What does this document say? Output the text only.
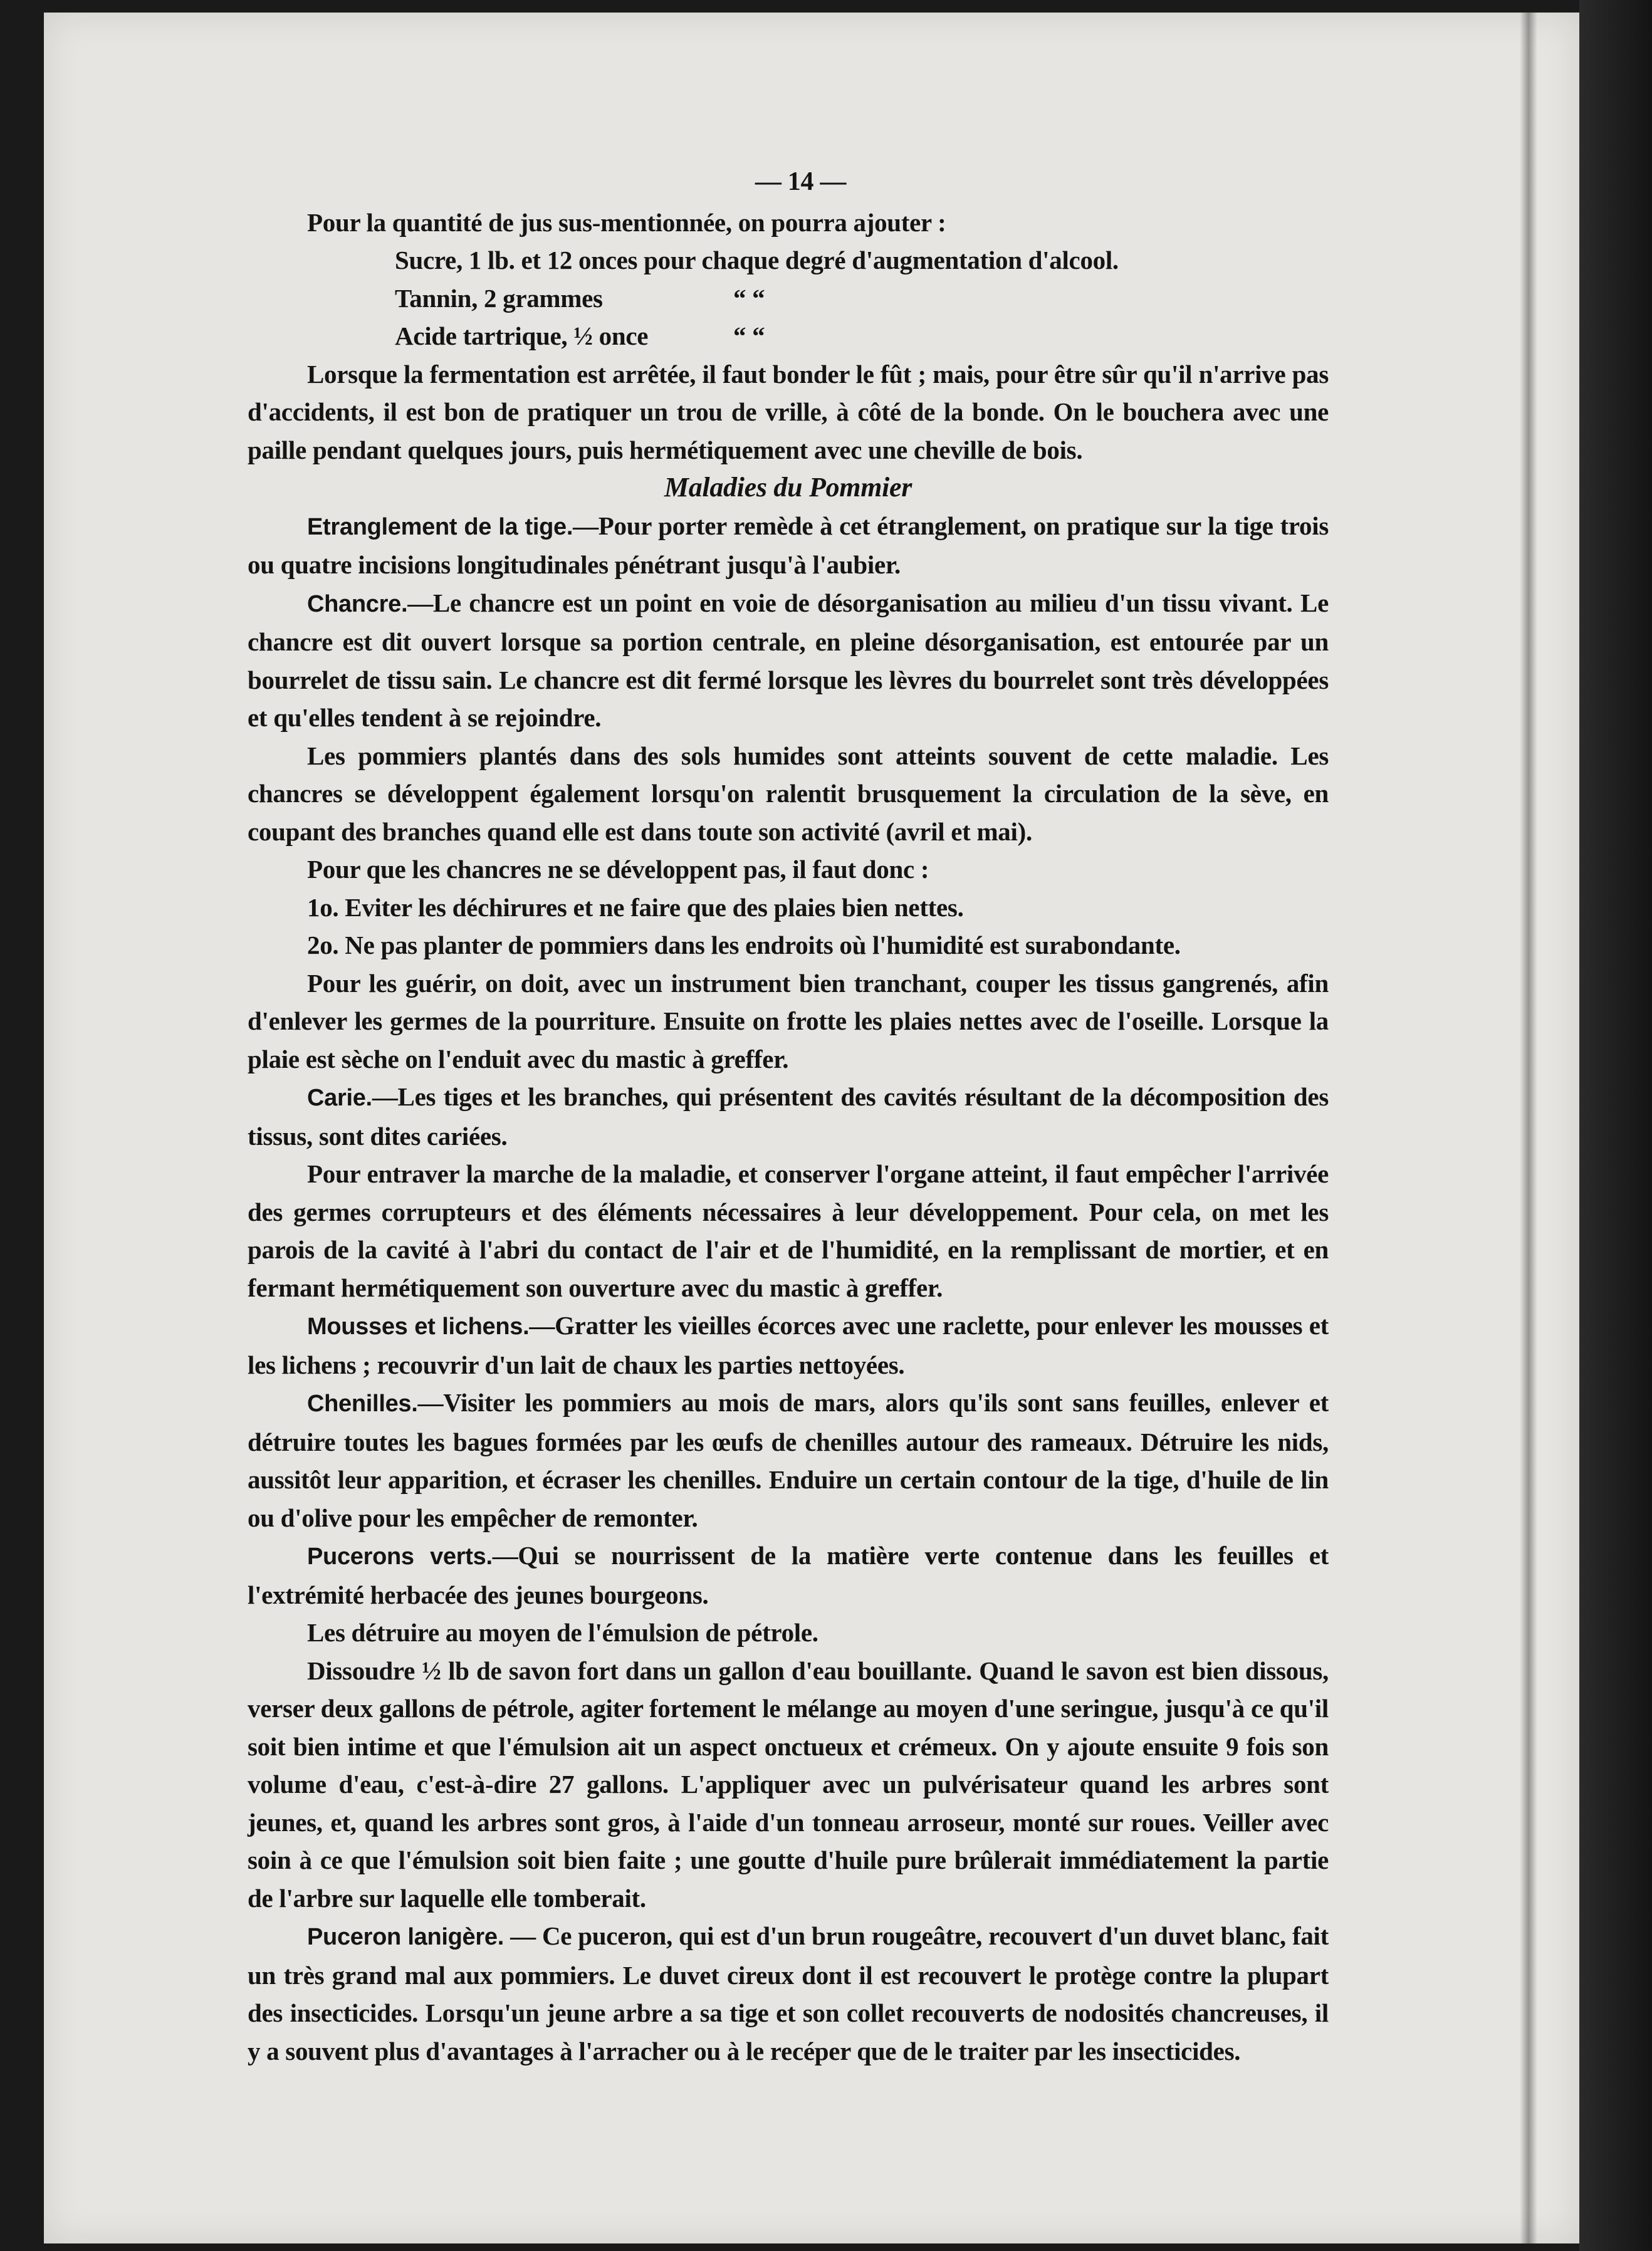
— 14 —

Pour la quantité de jus sus-mentionnée, on pourra ajouter :

Sucre, 1 lb. et 12 onces pour chaque degré d'augmentation d'alcool.

Tannin, 2 grammes	“ “

Acide tartrique, ½ once	“ “

Lorsque la fermentation est arrêtée, il faut bonder le fût ; mais, pour être sûr qu'il n'arrive pas d'accidents, il est bon de pratiquer un trou de vrille, à côté de la bonde. On le bouchera avec une paille pendant quelques jours, puis hermétiquement avec une cheville de bois.

Maladies du Pommier

Etranglement de la tige.—Pour porter remède à cet étranglement, on pratique sur la tige trois ou quatre incisions longitudinales pénétrant jusqu'à l'aubier.

Chancre.—Le chancre est un point en voie de désorganisation au milieu d'un tissu vivant. Le chancre est dit ouvert lorsque sa portion centrale, en pleine désorganisation, est entourée par un bourrelet de tissu sain. Le chancre est dit fermé lorsque les lèvres du bourrelet sont très développées et qu'elles tendent à se rejoindre.

Les pommiers plantés dans des sols humides sont atteints souvent de cette maladie. Les chancres se développent également lorsqu'on ralentit brusquement la circulation de la sève, en coupant des branches quand elle est dans toute son activité (avril et mai).

Pour que les chancres ne se développent pas, il faut donc :

1o. Eviter les déchirures et ne faire que des plaies bien nettes.

2o. Ne pas planter de pommiers dans les endroits où l'humidité est surabondante.

Pour les guérir, on doit, avec un instrument bien tranchant, couper les tissus gangrenés, afin d'enlever les germes de la pourriture. Ensuite on frotte les plaies nettes avec de l'oseille. Lorsque la plaie est sèche on l'enduit avec du mastic à greffer.

Carie.—Les tiges et les branches, qui présentent des cavités résultant de la décomposition des tissus, sont dites cariées.

Pour entraver la marche de la maladie, et conserver l'organe atteint, il faut empêcher l'arrivée des germes corrupteurs et des éléments nécessaires à leur développement. Pour cela, on met les parois de la cavité à l'abri du contact de l'air et de l'humidité, en la remplissant de mortier, et en fermant hermétiquement son ouverture avec du mastic à greffer.

Mousses et lichens.—Gratter les vieilles écorces avec une raclette, pour enlever les mousses et les lichens ; recouvrir d'un lait de chaux les parties nettoyées.

Chenilles.—Visiter les pommiers au mois de mars, alors qu'ils sont sans feuilles, enlever et détruire toutes les bagues formées par les œufs de chenilles autour des rameaux. Détruire les nids, aussitôt leur apparition, et écraser les chenilles. Enduire un certain contour de la tige, d'huile de lin ou d'olive pour les empêcher de remonter.

Pucerons verts.—Qui se nourrissent de la matière verte contenue dans les feuilles et l'extrémité herbacée des jeunes bourgeons.

Les détruire au moyen de l'émulsion de pétrole.

Dissoudre ½ lb de savon fort dans un gallon d'eau bouillante. Quand le savon est bien dissous, verser deux gallons de pétrole, agiter fortement le mélange au moyen d'une seringue, jusqu'à ce qu'il soit bien intime et que l'émulsion ait un aspect onctueux et crémeux. On y ajoute ensuite 9 fois son volume d'eau, c'est-à-dire 27 gallons. L'appliquer avec un pulvérisateur quand les arbres sont jeunes, et, quand les arbres sont gros, à l'aide d'un tonneau arroseur, monté sur roues. Veiller avec soin à ce que l'émulsion soit bien faite ; une goutte d'huile pure brûlerait immédiatement la partie de l'arbre sur laquelle elle tomberait.

Puceron lanigère. — Ce puceron, qui est d'un brun rougeâtre, recouvert d'un duvet blanc, fait un très grand mal aux pommiers. Le duvet cireux dont il est recouvert le protège contre la plupart des insecticides. Lorsqu'un jeune arbre a sa tige et son collet recouverts de nodosités chancreuses, il y a souvent plus d'avantages à l'arracher ou à le recéper que de le traiter par les insecticides.
